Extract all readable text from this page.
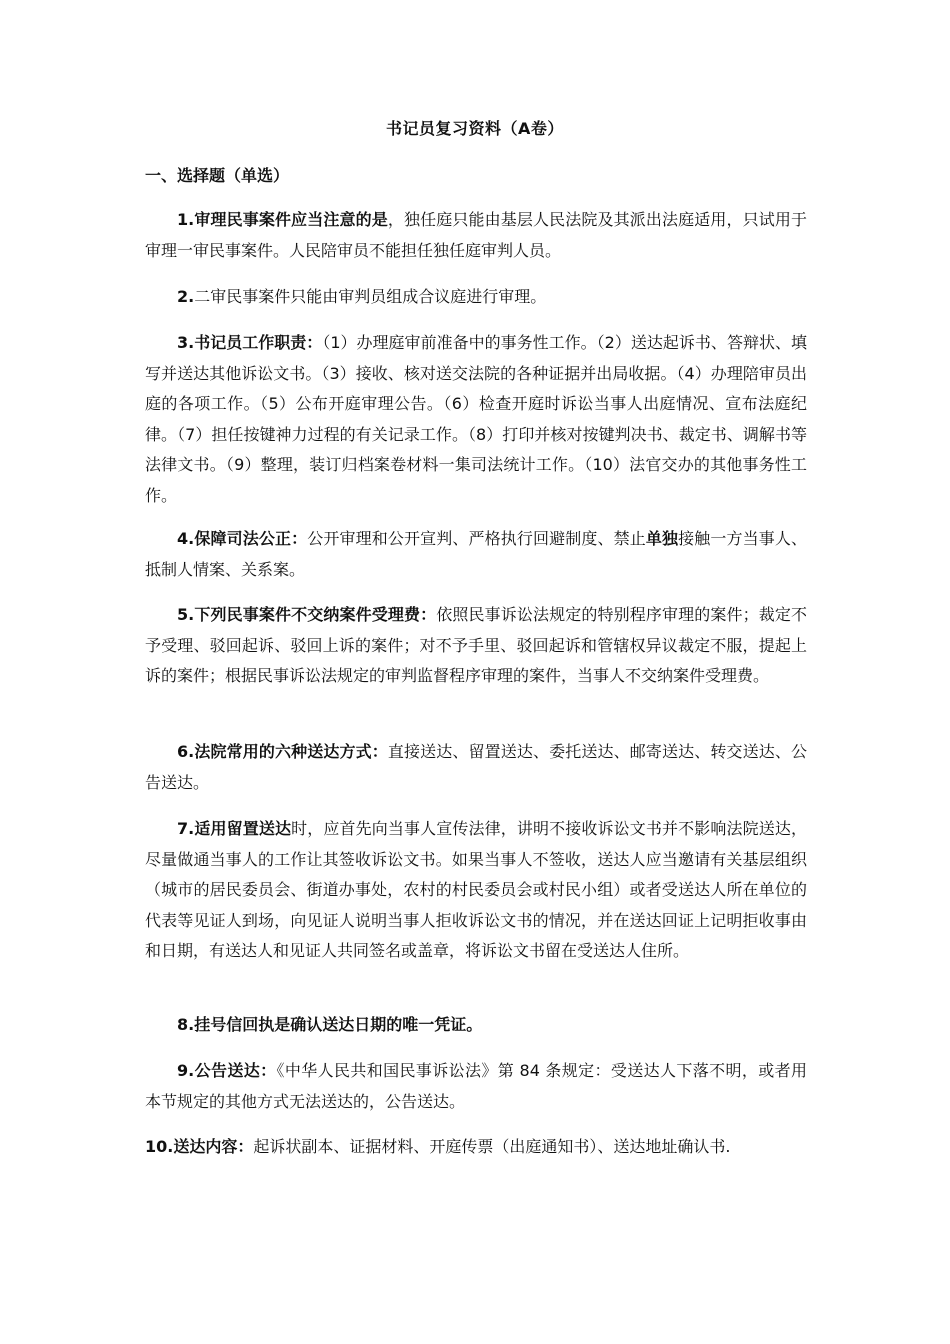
书记员复习资料（A卷）
一、选择题（单选）
1.审理民事案件应当注意的是，独任庭只能由基层人民法院及其派出法庭适用，只试用于审理一审民事案件。人民陪审员不能担任独任庭审判人员。
2.二审民事案件只能由审判员组成合议庭进行审理。
3.书记员工作职责：（1）办理庭审前准备中的事务性工作。（2）送达起诉书、答辩状、填写并送达其他诉讼文书。（3）接收、核对送交法院的各种证据并出局收据。（4）办理陪审员出庭的各项工作。（5）公布开庭审理公告。（6）检查开庭时诉讼当事人出庭情况、宣布法庭纪律。（7）担任按键神力过程的有关记录工作。（8）打印并核对按键判决书、裁定书、调解书等法律文书。（9）整理，装订归档案卷材料一集司法统计工作。（10）法官交办的其他事务性工作。
4.保障司法公正：公开审理和公开宣判、严格执行回避制度、禁止单独接触一方当事人、抵制人情案、关系案。
5.下列民事案件不交纳案件受理费：依照民事诉讼法规定的特别程序审理的案件；裁定不予受理、驳回起诉、驳回上诉的案件；对不予手里、驳回起诉和管辖权异议裁定不服，提起上诉的案件；根据民事诉讼法规定的审判监督程序审理的案件，当事人不交纳案件受理费。
6.法院常用的六种送达方式：直接送达、留置送达、委托送达、邮寄送达、转交送达、公告送达。
7.适用留置送达时，应首先向当事人宣传法律，讲明不接收诉讼文书并不影响法院送达，尽量做通当事人的工作让其签收诉讼文书。如果当事人不签收，送达人应当邀请有关基层组织（城市的居民委员会、街道办事处，农村的村民委员会或村民小组）或者受送达人所在单位的代表等见证人到场，向见证人说明当事人拒收诉讼文书的情况，并在送达回证上记明拒收事由和日期，有送达人和见证人共同签名或盖章，将诉讼文书留在受送达人住所。
8.挂号信回执是确认送达日期的唯一凭证。
9.公告送达：《中华人民共和国民事诉讼法》第 84 条规定：受送达人下落不明，或者用本节规定的其他方式无法送达的，公告送达。
10.送达内容：起诉状副本、证据材料、开庭传票（出庭通知书）、送达地址确认书.
